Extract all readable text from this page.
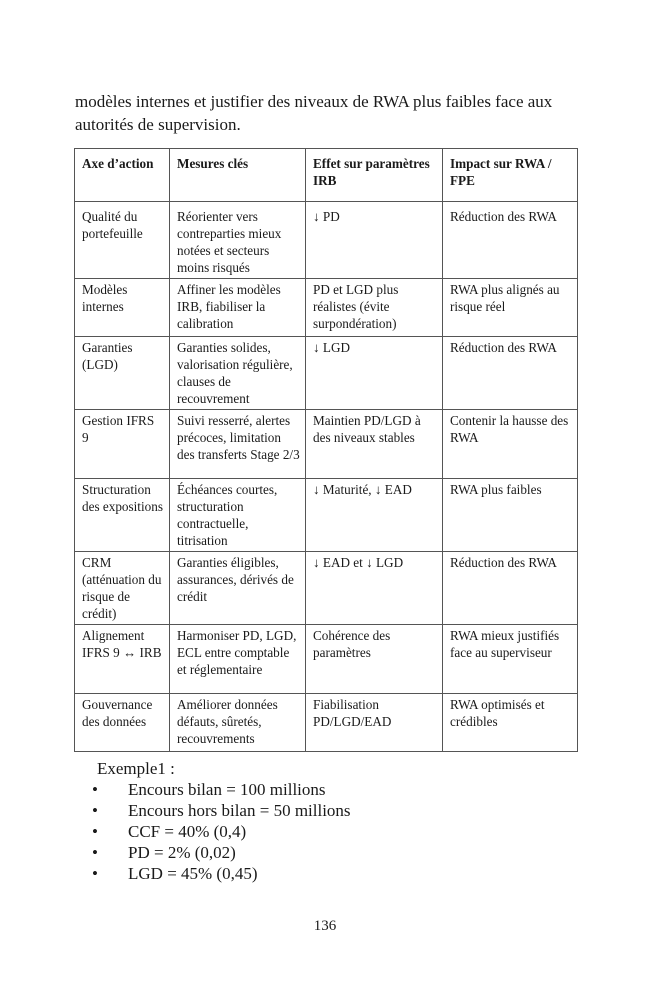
modèles internes et justifier des niveaux de RWA plus faibles face aux autorités de supervision.

Axe d’action	Mesures clés	Effet sur paramètres IRB	Impact sur RWA / FPE
Qualité du portefeuille	Réorienter vers contreparties mieux notées et secteurs moins risqués	↓ PD	Réduction des RWA
Modèles internes	Affiner les modèles IRB, fiabiliser la calibration	PD et LGD plus réalistes (évite surpondération)	RWA plus alignés au risque réel
Garanties (LGD)	Garanties solides, valorisation régulière, clauses de recouvrement	↓ LGD	Réduction des RWA
Gestion IFRS 9	Suivi resserré, alertes précoces, limitation des transferts Stage 2/3	Maintien PD/LGD à des niveaux stables	Contenir la hausse des RWA
Structuration des expositions	Échéances courtes, structuration contractuelle, titrisation	↓ Maturité, ↓ EAD	RWA plus faibles
CRM (atténuation du risque de crédit)	Garanties éligibles, assurances, dérivés de crédit	↓ EAD et ↓ LGD	Réduction des RWA
Alignement IFRS 9 ↔ IRB	Harmoniser PD, LGD, ECL entre comptable et réglementaire	Cohérence des paramètres	RWA mieux justifiés face au superviseur
Gouvernance des données	Améliorer données défauts, sûretés, recouvrements	Fiabilisation PD/LGD/EAD	RWA optimisés et crédibles
Exemple1 :
• Encours bilan = 100 millions
• Encours hors bilan = 50 millions
• CCF = 40% (0,4)
• PD = 2% (0,02)
• LGD = 45% (0,45)
136
